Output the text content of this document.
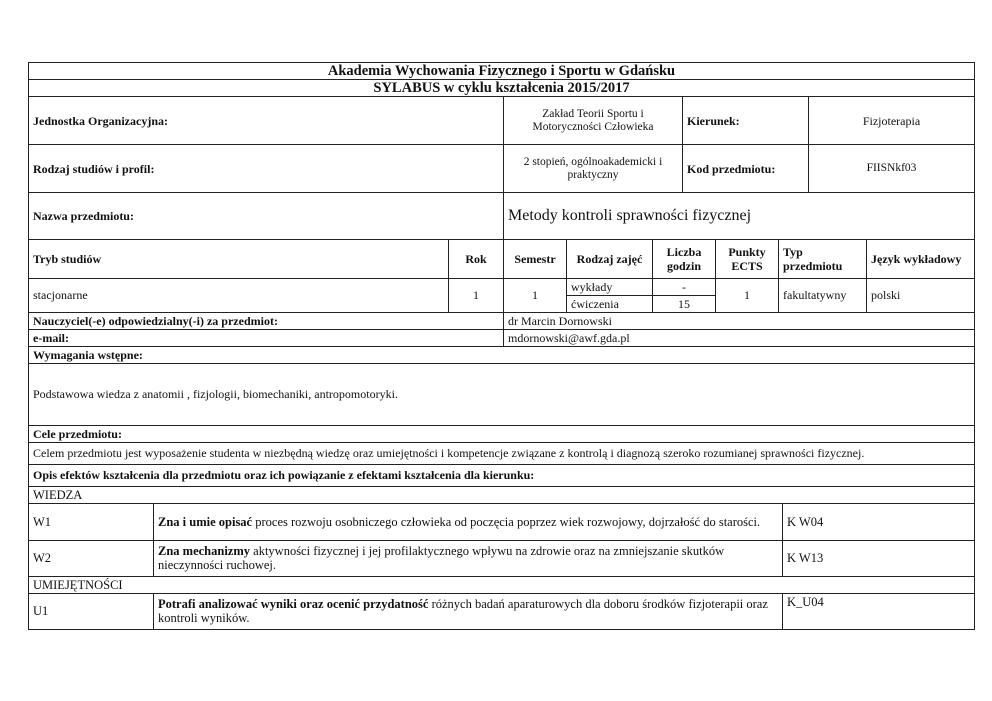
Akademia Wychowania Fizycznego i Sportu w Gdańsku			
SYLABUS w cyklu kształcenia 2015/2017			
Jednostka Organizacyjna:	Zakład Teorii Sportu i Motoryczności Człowieka	Kierunek:	Fizjoterapia
Rodzaj studiów i profil:	2 stopień, ogólnoakademicki i praktyczny	Kod przedmiotu:	FIISNkf03
Nazwa przedmiotu:	Metody kontroli sprawności fizycznej		
Tryb studiów	Rok	Semestr	Rodzaj zajęć	Liczba godzin	Punkty ECTS	Typ przedmiotu	Język wykładowy
stacjonarne	1	1	wykłady	-	1	fakultatywny	polski
			ćwiczenia	15			
Nauczyciel(-e) odpowiedzialny(-i) za przedmiot:	dr Marcin Dornowski
e-mail:	mdornowski@awf.gda.pl
Wymagania wstępne:	
Podstawowa wiedza z anatomii , fizjologii, biomechaniki, antropomotoryki.	
Cele przedmiotu:	
Celem przedmiotu jest wyposażenie studenta w niezbędną wiedzę oraz umiejętności i kompetencje związane z kontrolą i diagnozą szeroko rozumianej sprawności fizycznej.	
Opis efektów kształcenia dla przedmiotu oraz ich powiązanie z efektami kształcenia dla kierunku:	
WIEDZA		
W1	Zna i umie opisać proces rozwoju osobniczego człowieka od poczęcia poprzez wiek rozwojowy, dojrzałość do starości.	K W04
W2	Zna mechanizmy aktywności fizycznej i jej profilaktycznego wpływu na zdrowie oraz na zmniejszanie skutków nieczynności ruchowej.	K W13
UMIEJĘTNOŚCI		
U1	Potrafi analizować wyniki oraz ocenić przydatność różnych badań aparaturowych dla doboru środków fizjoterapii oraz kontroli wyników.	K_U04
